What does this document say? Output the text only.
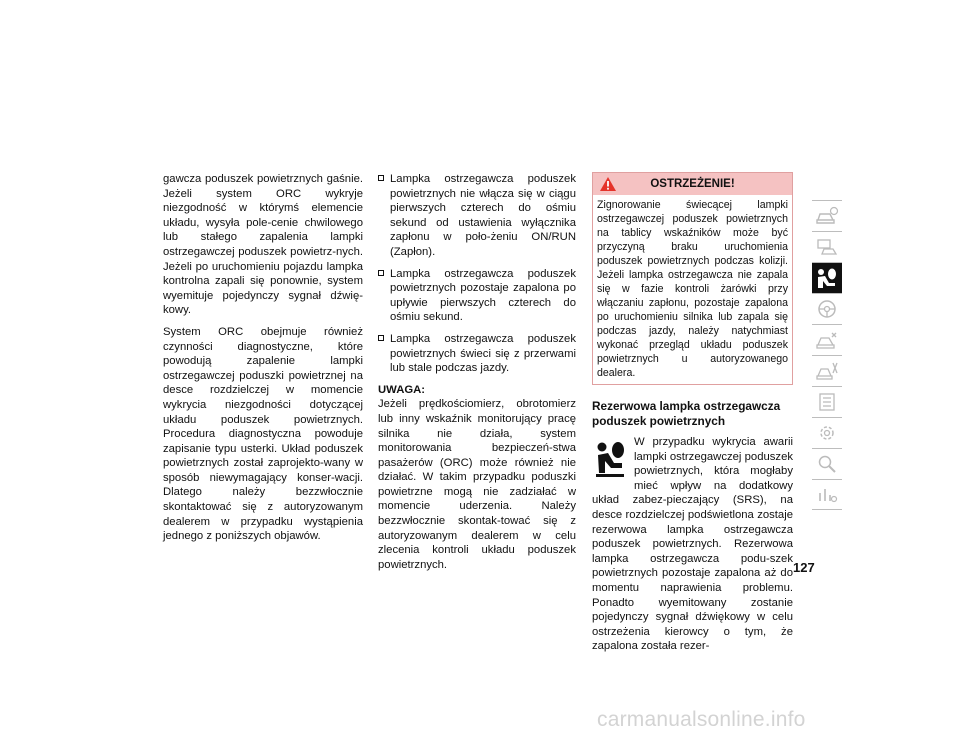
gawcza poduszek powietrznych gaśnie. Jeżeli system ORC wykryje niezgodność w którymś elemencie układu, wysyła pole-cenie chwilowego lub stałego zapalenia lampki ostrzegawczej poduszek powietrz-nych. Jeżeli po uruchomieniu pojazdu lampka kontrolna zapali się ponownie, system wyemituje pojedynczy sygnał dźwię-kowy.

System ORC obejmuje również czynności diagnostyczne, które powodują zapalenie lampki ostrzegawczej poduszki powietrznej na desce rozdzielczej w momencie wykrycia niezgodności dotyczącej układu poduszek powietrznych. Procedura diagnostyczna powoduje zapisanie typu usterki. Układ poduszek powietrznych został zaprojekto-wany w sposób niewymagający konser-wacji. Dlatego należy bezzwłocznie skontaktować się z autoryzowanym dealerem w przypadku wystąpienia jednego z poniższych objawów.

Lampka ostrzegawcza poduszek powietrznych nie włącza się w ciągu pierwszych czterech do ośmiu sekund od ustawienia wyłącznika zapłonu w poło-żeniu ON/RUN (Zapłon).
Lampka ostrzegawcza poduszek powietrznych pozostaje zapalona po upływie pierwszych czterech do ośmiu sekund.
Lampka ostrzegawcza poduszek powietrznych świeci się z przerwami lub stale podczas jazdy.

UWAGA:

Jeżeli prędkościomierz, obrotomierz lub inny wskaźnik monitorujący pracę silnika nie działa, system monitorowania bezpieczeń-stwa pasażerów (ORC) może również nie działać. W takim przypadku poduszki powietrzne mogą nie zadziałać w momencie uderzenia. Należy bezzwłocznie skontak-tować się z autoryzowanym dealerem w celu zlecenia kontroli układu poduszek powietrznych.

OSTRZEŻENIE!
Zignorowanie świecącej lampki ostrzegawczej poduszek powietrznych na tablicy wskaźników może być przyczyną braku uruchomienia poduszek powietrznych podczas kolizji. Jeżeli lampka ostrzegawcza nie zapala się w fazie kontroli żarówki przy włączaniu zapłonu, pozostaje zapalona po uruchomieniu silnika lub zapala się podczas jazdy, należy natychmiast wykonać przegląd układu poduszek powietrznych u autoryzowanego dealera.
Rezerwowa lampka ostrzegawcza poduszek powietrznych
W przypadku wykrycia awarii lampki ostrzegawczej poduszek powietrznych, która mogłaby mieć wpływ na dodatkowy układ zabez-pieczający (SRS), na desce rozdzielczej podświetlona zostaje rezerwowa lampka ostrzegawcza poduszek powietrznych. Rezerwowa lampka ostrzegawcza podu-szek powietrznych pozostaje zapalona aż do momentu naprawienia problemu. Ponadto wyemitowany zostanie pojedynczy sygnał dźwiękowy w celu ostrzeżenia kierowcy o tym, że zapalona została rezer-
127
carmanualsonline.info
